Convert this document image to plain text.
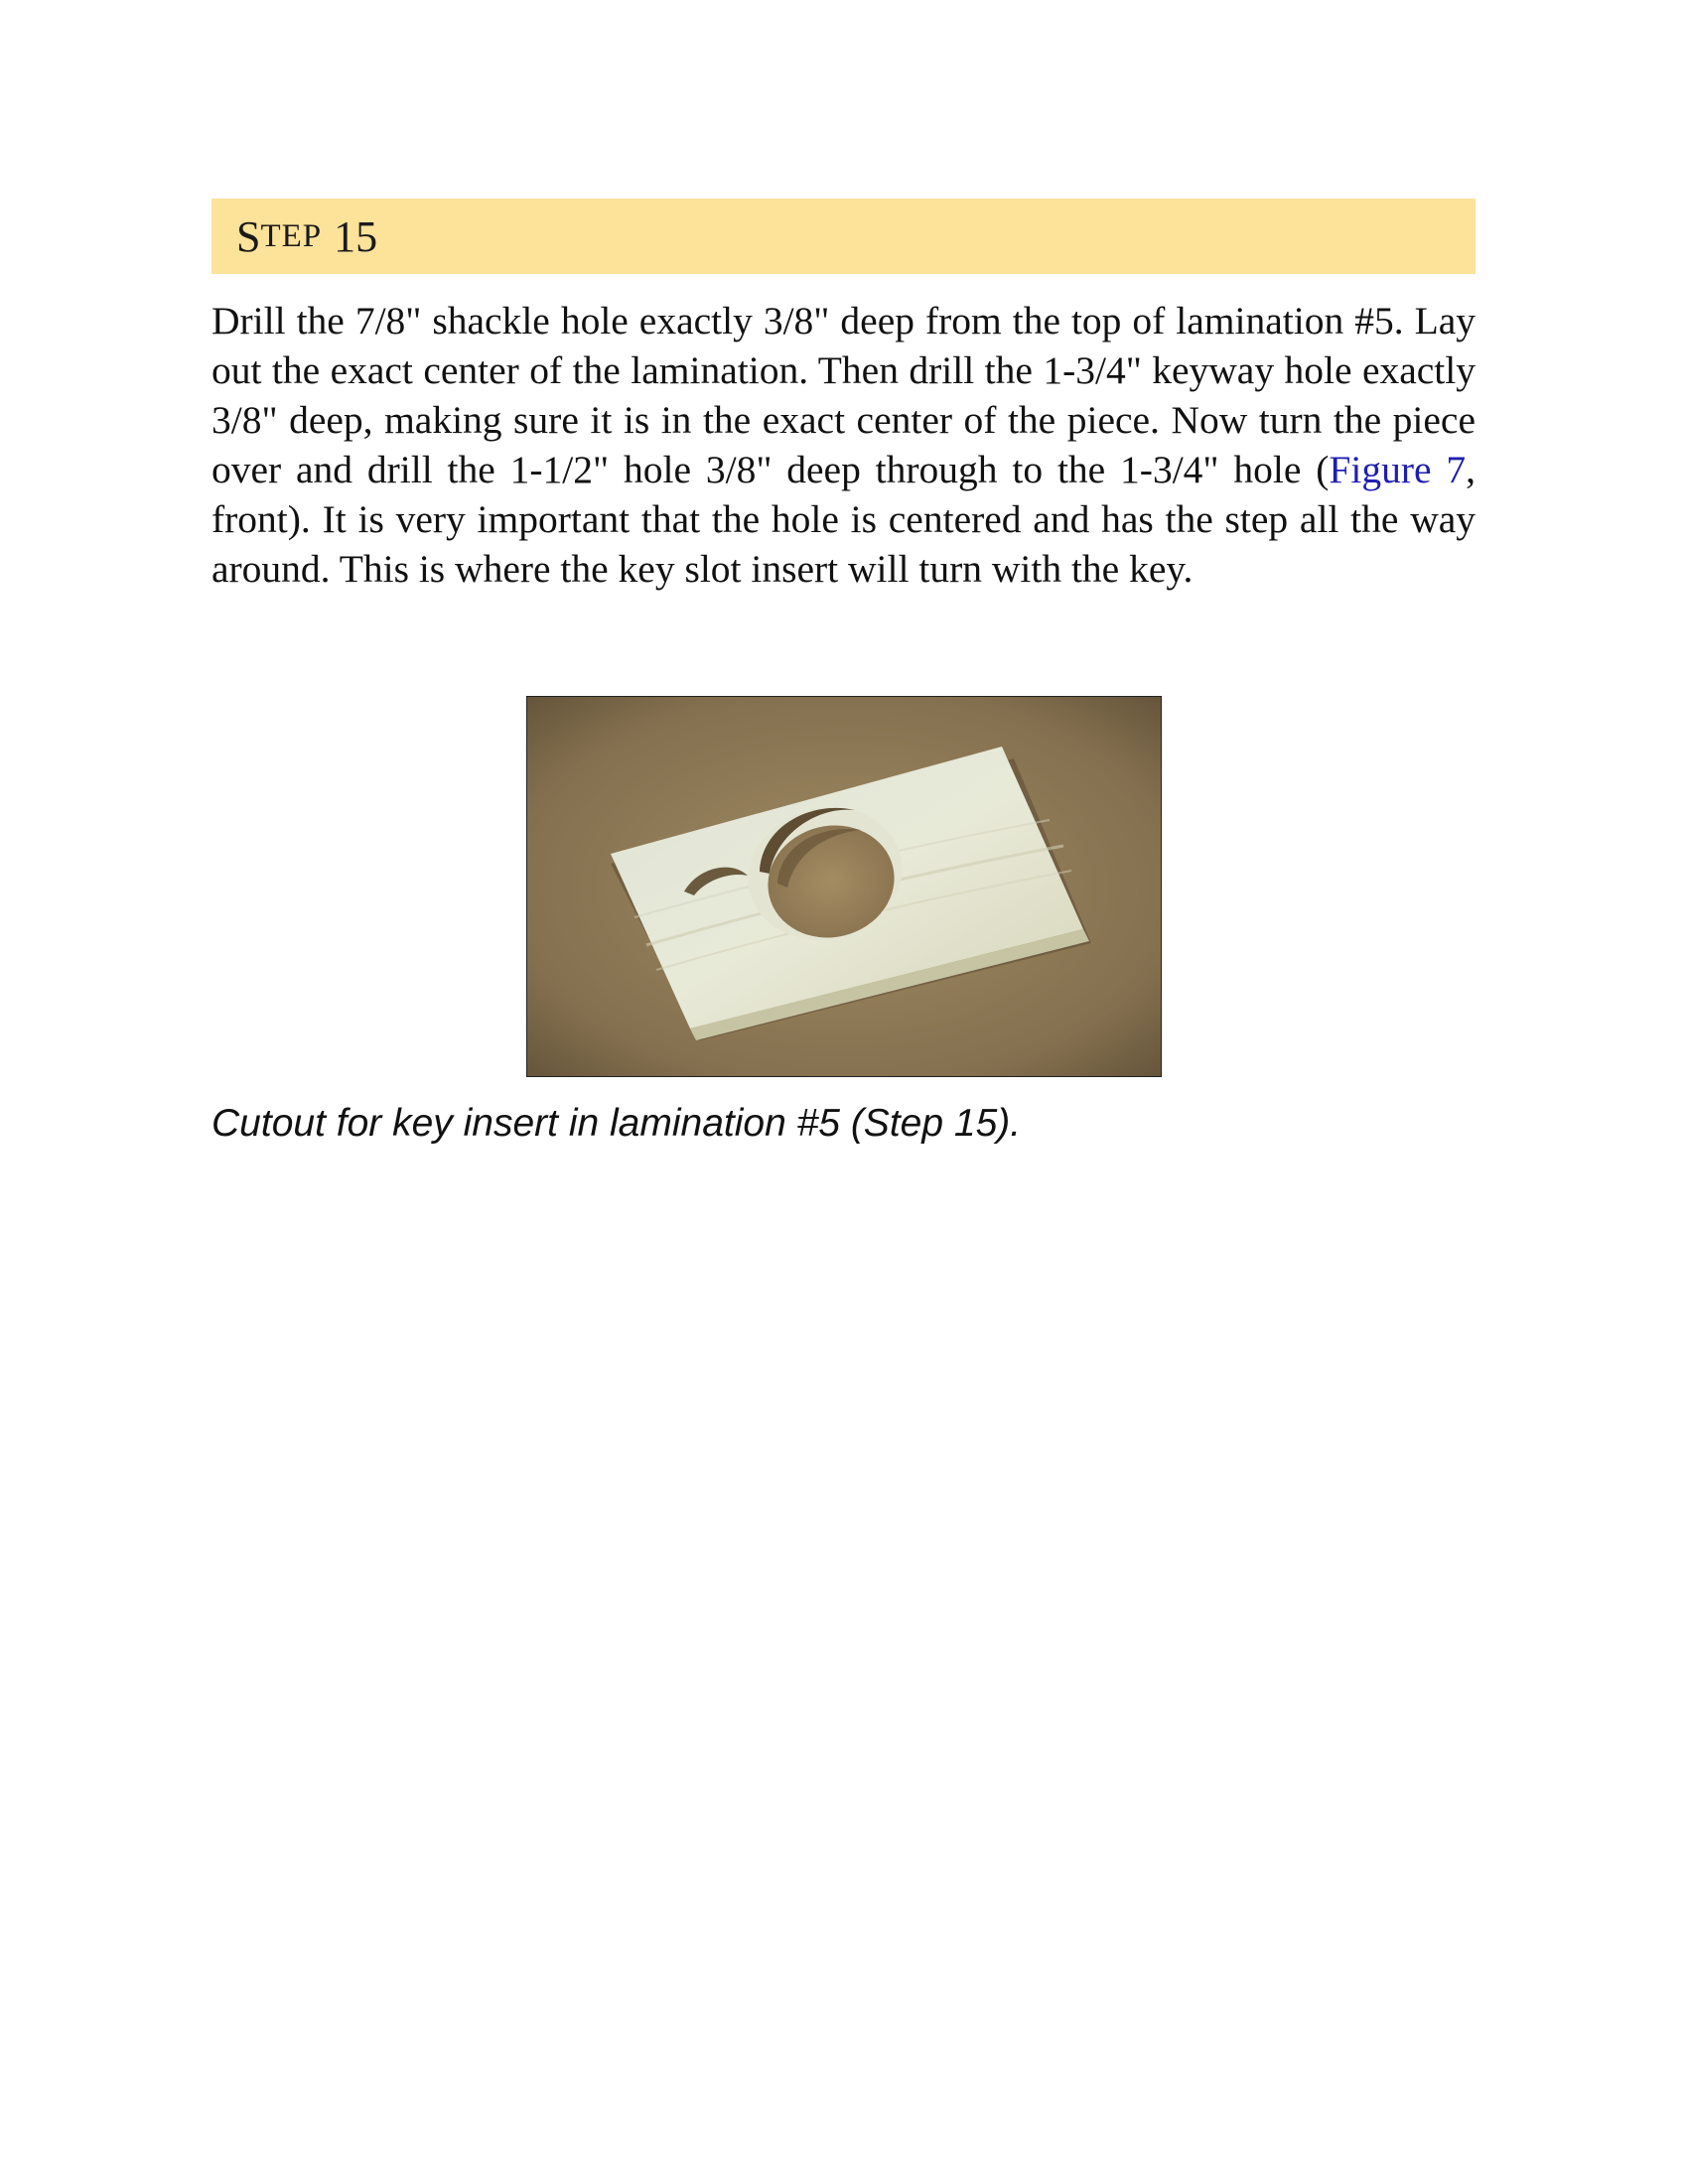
S TEP 15

Drill the 7/8" shackle hole exactly 3/8" deep from the top of lamination #5. Lay out the exact center of the lamination. Then drill the 1-3/4" keyway hole exactly 3/8" deep, making sure it is in the exact center of the piece. Now turn the piece over and drill the 1-1/2" hole 3/8" deep through to the 1-3/4" hole (Figure 7, front). It is very important that the hole is centered and has the step all the way around. This is where the key slot insert will turn with the key.

Cutout for key insert in lamination #5 (Step 15).
